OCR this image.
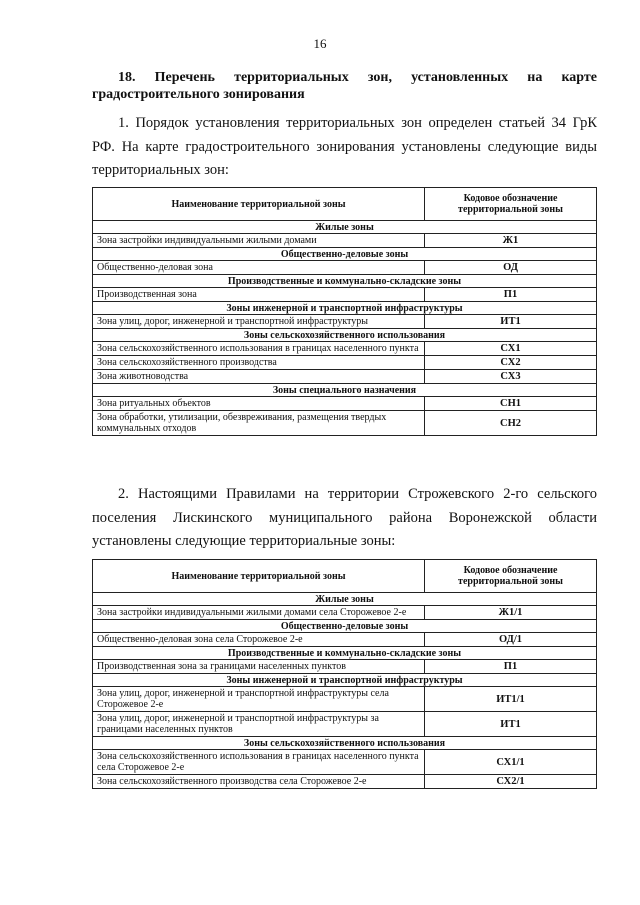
16
18. Перечень территориальных зон, установленных на карте градостроительного зонирования
1. Порядок установления территориальных зон определен статьей 34 ГрК РФ. На карте градостроительного зонирования установлены следующие виды территориальных зон:
Наименование территориальной зоны	Кодовое обозначение территориальной зоны
Жилые зоны	
Зона застройки индивидуальными жилыми домами	Ж1
Общественно-деловые зоны	
Общественно-деловая зона	ОД
Производственные и коммунально-складские зоны	
Производственная зона	П1
Зоны инженерной и транспортной инфраструктуры	
Зона улиц, дорог, инженерной и транспортной инфраструктуры	ИТ1
Зоны сельскохозяйственного использования	
Зона сельскохозяйственного использования в границах населенного пункта	СХ1
Зона сельскохозяйственного производства	СХ2
Зона животноводства	СХ3
Зоны специального назначения	
Зона ритуальных объектов	СН1
Зона обработки, утилизации, обезвреживания, размещения твердых коммунальных отходов	СН2
2. Настоящими Правилами на территории Строжевского 2-го сельского поселения Лискинского муниципального района Воронежской области установлены следующие территориальные зоны:
Наименование территориальной зоны	Кодовое обозначение территориальной зоны
Жилые зоны	
Зона застройки индивидуальными жилыми домами села Сторожевое 2-е	Ж1/1
Общественно-деловые зоны	
Общественно-деловая зона села Сторожевое 2-е	ОД/1
Производственные и коммунально-складские зоны	
Производственная зона за границами населенных пунктов	П1
Зоны инженерной и транспортной инфраструктуры	
Зона улиц, дорог, инженерной и транспортной инфраструктуры села Сторожевое 2-е	ИТ1/1
Зона улиц, дорог, инженерной и транспортной инфраструктуры за границами населенных пунктов	ИТ1
Зоны сельскохозяйственного использования	
Зона сельскохозяйственного использования в границах населенного пункта села Сторожевое 2-е	СХ1/1
Зона сельскохозяйственного производства села Сторожевое 2-е	СХ2/1
